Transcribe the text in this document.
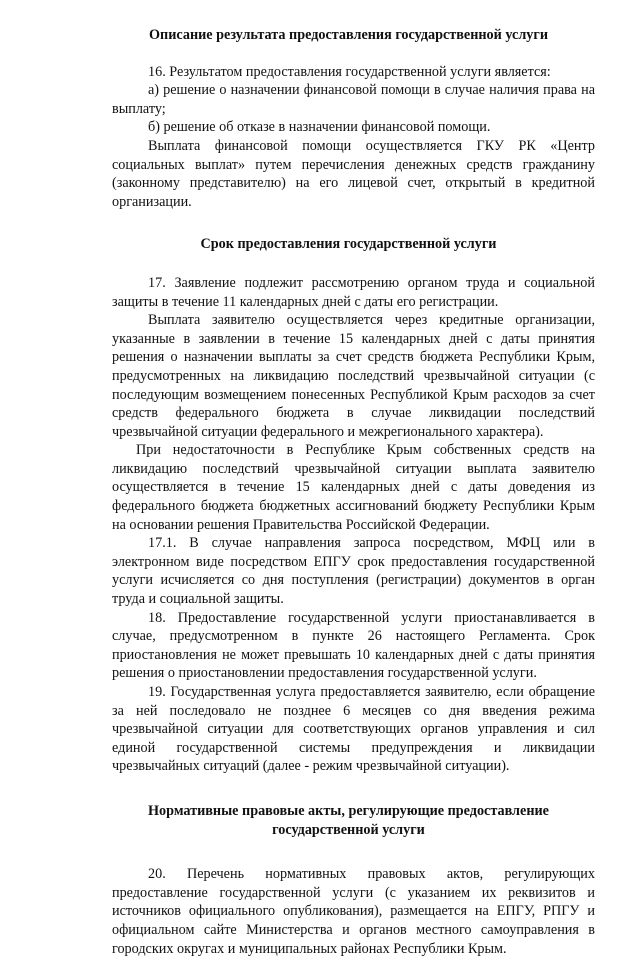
Описание результата предоставления государственной услуги

16. Результатом предоставления государственной услуги является:

а) решение о назначении финансовой помощи в случае наличия права на выплату;

б) решение об отказе в назначении финансовой помощи.

Выплата финансовой помощи осуществляется ГКУ РК «Центр социальных выплат» путем перечисления денежных средств гражданину (законному представителю) на его лицевой счет, открытый в кредитной организации.

Срок предоставления государственной услуги

17. Заявление подлежит рассмотрению органом труда и социальной защиты в течение 11 календарных дней с даты его регистрации.

Выплата заявителю осуществляется через кредитные организации, указанные в заявлении в течение 15 календарных дней с даты принятия решения о назначении выплаты за счет средств бюджета Республики Крым, предусмотренных на ликвидацию последствий чрезвычайной ситуации (с последующим возмещением понесенных Республикой Крым расходов за счет средств федерального бюджета в случае ликвидации последствий чрезвычайной ситуации федерального и межрегионального характера).

При недостаточности в Республике Крым собственных средств на ликвидацию последствий чрезвычайной ситуации выплата заявителю осуществляется в течение 15 календарных дней с даты доведения из федерального бюджета бюджетных ассигнований бюджету Республики Крым на основании решения Правительства Российской Федерации.

17.1. В случае направления запроса посредством, МФЦ или в электронном виде посредством ЕПГУ срок предоставления государственной услуги исчисляется со дня поступления (регистрации) документов в орган труда и социальной защиты.

18. Предоставление государственной услуги приостанавливается в случае, предусмотренном в пункте 26 настоящего Регламента. Срок приостановления не может превышать 10 календарных дней с даты принятия решения о приостановлении предоставления государственной услуги.

19. Государственная услуга предоставляется заявителю, если обращение за ней последовало не позднее 6 месяцев со дня введения режима чрезвычайной ситуации для соответствующих органов управления и сил единой государственной системы предупреждения и ликвидации чрезвычайных ситуаций (далее - режим чрезвычайной ситуации).

Нормативные правовые акты, регулирующие предоставление
государственной услуги

20. Перечень нормативных правовых актов, регулирующих предоставление государственной услуги (с указанием их реквизитов и источников официального опубликования), размещается на ЕПГУ, РПГУ и официальном сайте Министерства и органов местного самоуправления в городских округах и муниципальных районах Республики Крым.
